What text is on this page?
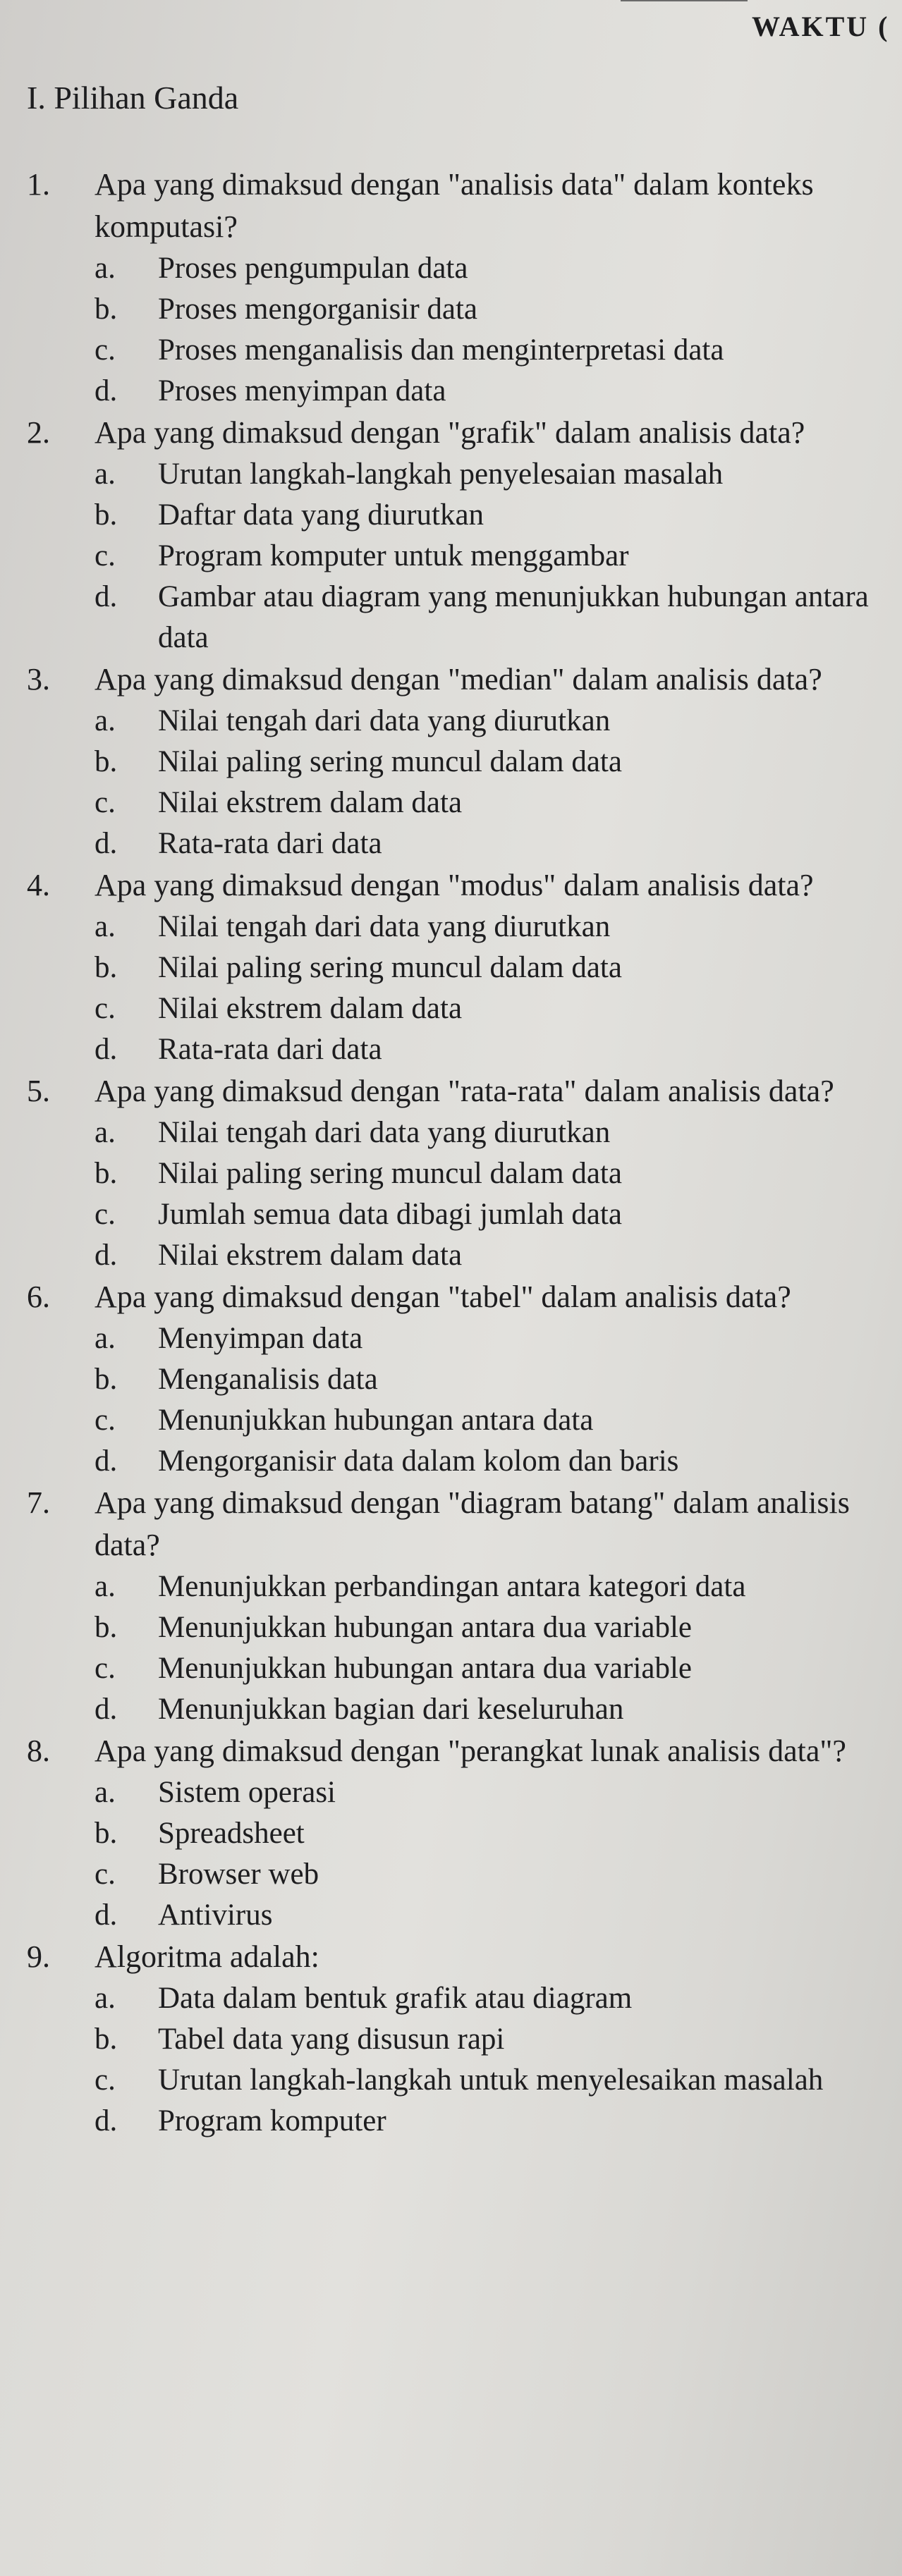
WAKTU (
I. Pilihan Ganda
1.	Apa yang dimaksud dengan "analisis data" dalam konteks komputasi?
a.	Proses pengumpulan data
b.	Proses mengorganisir data
c.	Proses menganalisis dan menginterpretasi data
d.	Proses menyimpan data
2.	Apa yang dimaksud dengan "grafik" dalam analisis data?
a.	Urutan langkah-langkah penyelesaian masalah
b.	Daftar data yang diurutkan
c.	Program komputer untuk menggambar
d.	Gambar atau diagram yang menunjukkan hubungan antara data
3.	Apa yang dimaksud dengan "median" dalam analisis data?
a.	Nilai tengah dari data yang diurutkan
b.	Nilai paling sering muncul dalam data
c.	Nilai ekstrem dalam data
d.	Rata-rata dari data
4.	Apa yang dimaksud dengan "modus" dalam analisis data?
a.	Nilai tengah dari data yang diurutkan
b.	Nilai paling sering muncul dalam data
c.	Nilai ekstrem dalam data
d.	Rata-rata dari data
5.	Apa yang dimaksud dengan "rata-rata" dalam analisis data?
a.	Nilai tengah dari data yang diurutkan
b.	Nilai paling sering muncul dalam data
c.	Jumlah semua data dibagi jumlah data
d.	Nilai ekstrem dalam data
6.	Apa yang dimaksud dengan "tabel" dalam analisis data?
a.	Menyimpan data
b.	Menganalisis data
c.	Menunjukkan hubungan antara data
d.	Mengorganisir data dalam kolom dan baris
7.	Apa yang dimaksud dengan "diagram batang" dalam analisis data?
a.	Menunjukkan perbandingan antara kategori data
b.	Menunjukkan hubungan antara dua variable
c.	Menunjukkan hubungan antara dua variable
d.	Menunjukkan bagian dari keseluruhan
8.	Apa yang dimaksud dengan "perangkat lunak analisis data"?
a.	Sistem operasi
b.	Spreadsheet
c.	Browser web
d.	Antivirus
9.	Algoritma adalah:
a.	Data dalam bentuk grafik atau diagram
b.	Tabel data yang disusun rapi
c.	Urutan langkah-langkah untuk menyelesaikan masalah
d.	Program komputer
